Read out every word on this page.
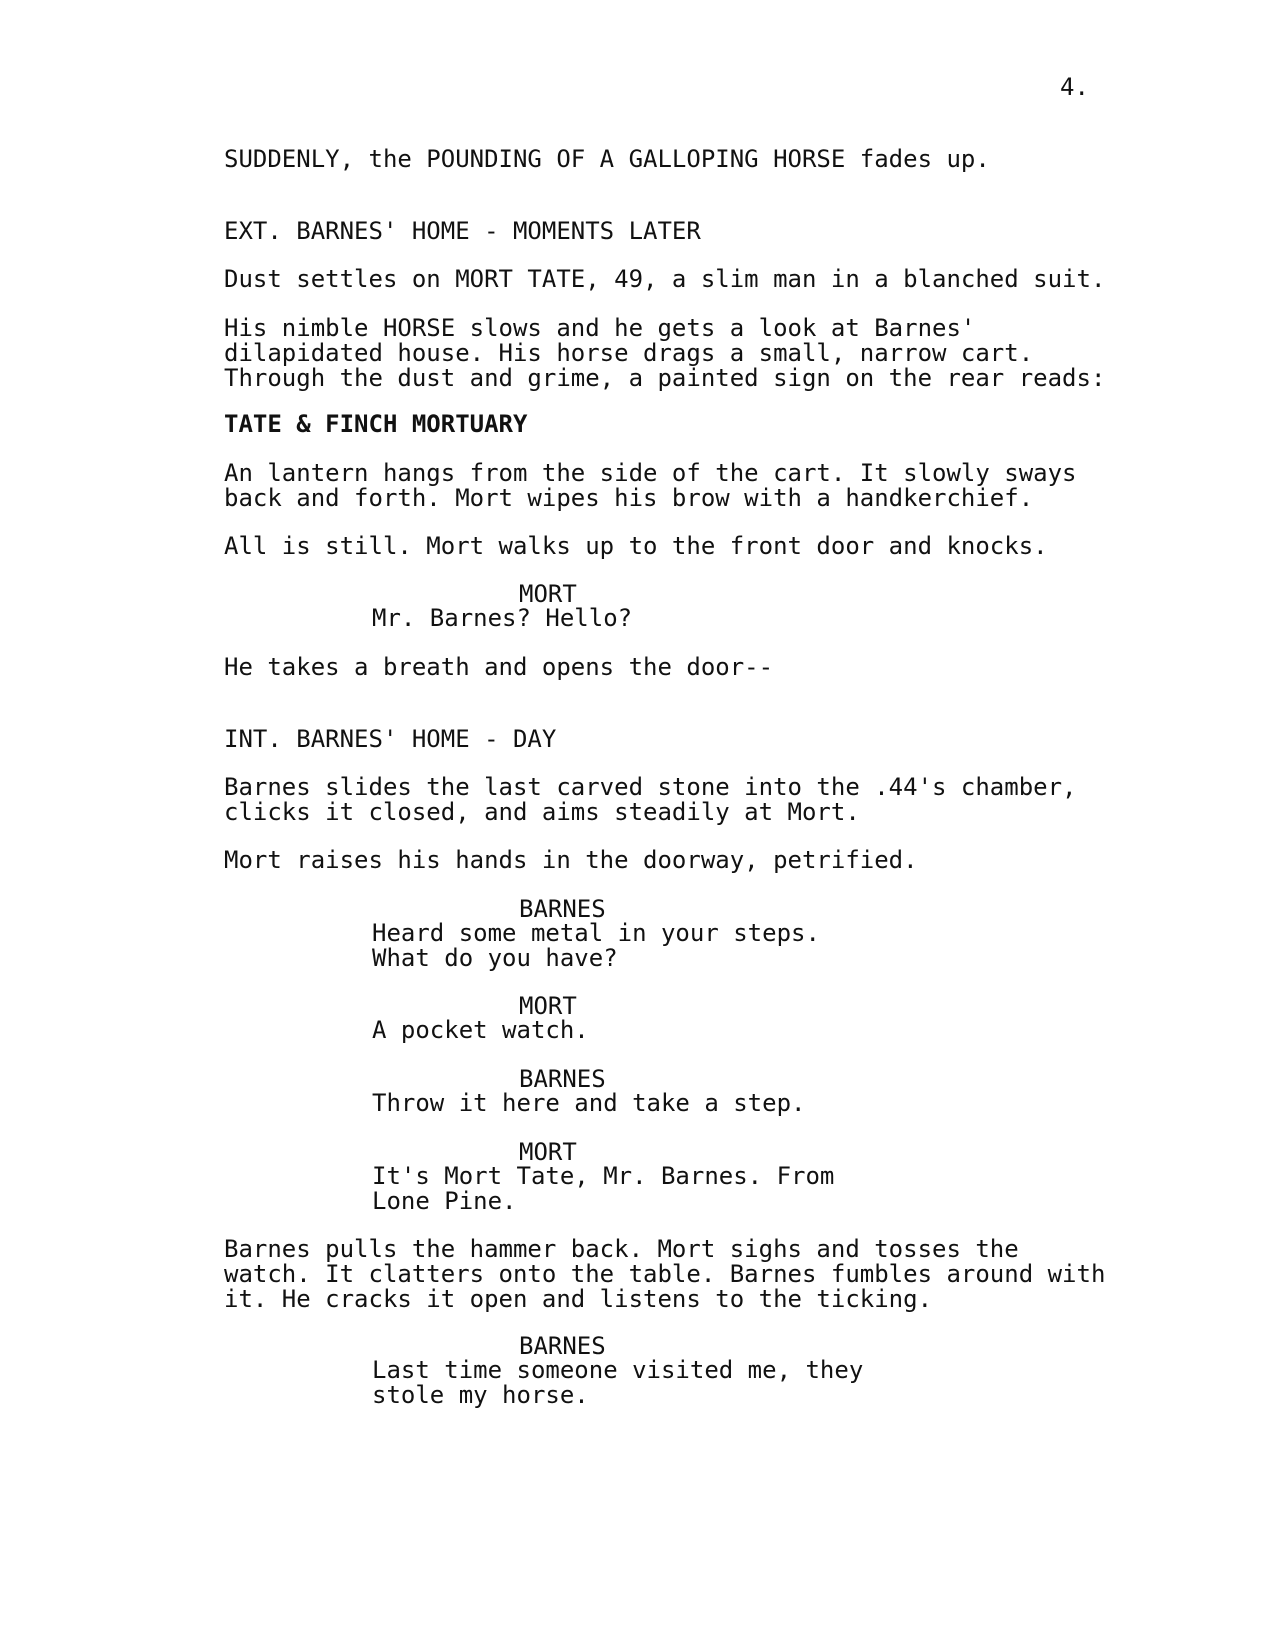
4.
SUDDENLY, the POUNDING OF A GALLOPING HORSE fades up.
EXT. BARNES' HOME - MOMENTS LATER
Dust settles on MORT TATE, 49, a slim man in a blanched suit.
His nimble HORSE slows and he gets a look at Barnes'
dilapidated house. His horse drags a small, narrow cart.
Through the dust and grime, a painted sign on the rear reads:
TATE & FINCH MORTUARY
An lantern hangs from the side of the cart. It slowly sways
back and forth. Mort wipes his brow with a handkerchief.
All is still. Mort walks up to the front door and knocks.
MORT
Mr. Barnes? Hello?
He takes a breath and opens the door--
INT. BARNES' HOME - DAY
Barnes slides the last carved stone into the .44's chamber,
clicks it closed, and aims steadily at Mort.
Mort raises his hands in the doorway, petrified.
BARNES
Heard some metal in your steps.
What do you have?
MORT
A pocket watch.
BARNES
Throw it here and take a step.
MORT
It's Mort Tate, Mr. Barnes. From
Lone Pine.
Barnes pulls the hammer back. Mort sighs and tosses the
watch. It clatters onto the table. Barnes fumbles around with
it. He cracks it open and listens to the ticking.
BARNES
Last time someone visited me, they
stole my horse.
